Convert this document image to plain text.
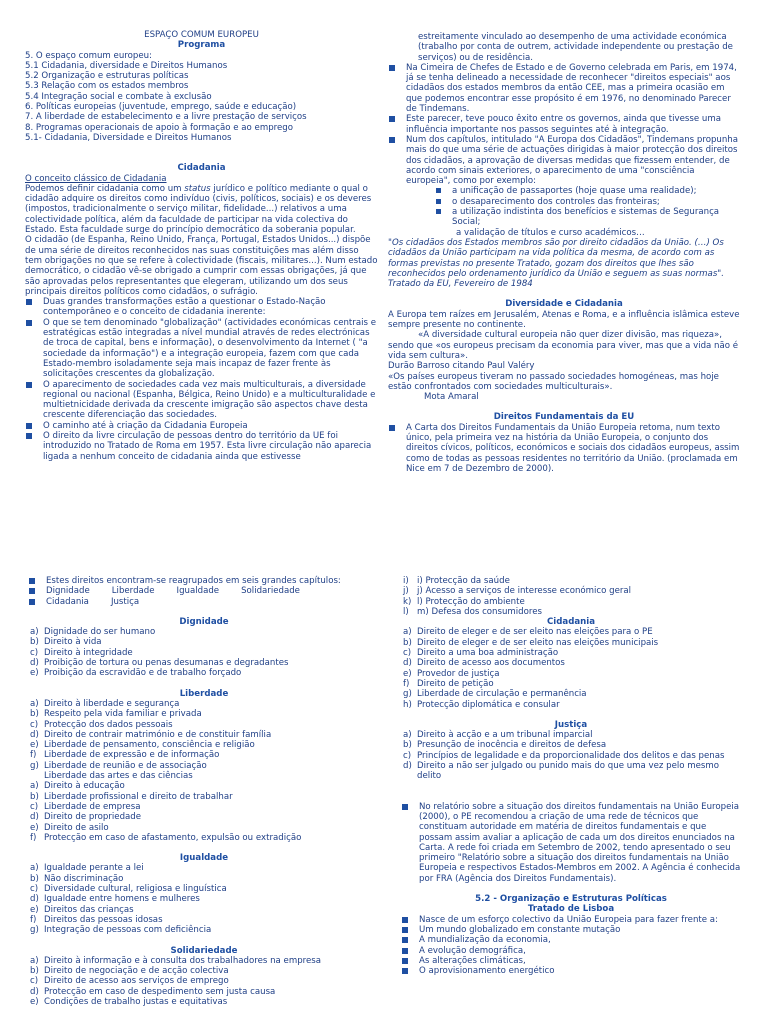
ESPAÇO COMUM EUROPEU

Programa

5. O espaço comum europeu:

5.1 Cidadania, diversidade e Direitos Humanos

5.2 Organização e estruturas políticas

5.3 Relação com os estados membros

5.4 Integração social e combate à exclusão

6. Políticas europeias (juventude, emprego, saúde e educação)

7. A liberdade de estabelecimento e a livre prestação de serviços

8. Programas operacionais de apoio à formação e ao emprego

5.1- Cidadania, Diversidade e Direitos Humanos

Cidadania

O conceito clássico de Cidadania

Podemos definir cidadania como um status jurídico e político mediante o qual o cidadão adquire os direitos como indivíduo (civis, políticos, sociais) e os deveres (impostos, tradicionalmente o serviço militar, fidelidade...) relativos a uma colectividade política, além da faculdade de participar na vida colectiva do Estado. Esta faculdade surge do princípio democrático da soberania popular.

O cidadão (de Espanha, Reino Unido, França, Portugal, Estados Unidos...) dispõe de uma série de direitos reconhecidos nas suas constituições mas além disso tem obrigações no que se refere à colectividade (fiscais, militares...). Num estado democrático, o cidadão vê-se obrigado a cumprir com essas obrigações, já que são aprovadas pelos representantes que elegeram, utilizando um dos seus principais direitos políticos como cidadãos, o sufrágio.

Duas grandes transformações estão a questionar o Estado-Nação contemporâneo e o conceito de cidadania inerente:
O que se tem denominado "globalização" (actividades económicas centrais e estratégicas estão integradas a nível mundial através de redes electrónicas de troca de capital, bens e informação), o desenvolvimento da Internet ( "a sociedade da informação") e a integração europeia, fazem com que cada Estado-membro isoladamente seja mais incapaz de fazer frente às solicitações crescentes da globalização.
O aparecimento de sociedades cada vez mais multiculturais, a diversidade regional ou nacional (Espanha, Bélgica, Reino Unido) e a multiculturalidade e multietnicidade derivada da crescente imigração são aspectos chave desta crescente diferenciação das sociedades.
O caminho até à criação da Cidadania Europeia
O direito da livre circulação de pessoas dentro do território da UE foi introduzido no Tratado de Roma em 1957. Esta livre circulação não aparecia ligada a nenhum conceito de cidadania ainda que estivesse

estreitamente vinculado ao desempenho de uma actividade económica (trabalho por conta de outrem, actividade independente ou prestação de serviços) ou de residência.

Na Cimeira de Chefes de Estado e de Governo celebrada em Paris, em 1974, já se tenha delineado a necessidade de reconhecer "direitos especiais" aos cidadãos dos estados membros da então CEE, mas a primeira ocasião em que podemos encontrar esse propósito é em 1976, no denominado Parecer de Tindemans.
Este parecer, teve pouco êxito entre os governos, ainda que tivesse uma influência importante nos passos seguintes até à integração.
Num dos capítulos, intitulado "A Europa dos Cidadãos", Tindemans propunha mais do que uma série de actuações dirigidas à maior protecção dos direitos dos cidadãos, a aprovação de diversas medidas que fizessem entender, de acordo com sinais exteriores, o aparecimento de uma "consciência europeia", como por exemplo:
a unificação de passaportes (hoje quase uma realidade);
o desaparecimento dos controles das fronteiras;
a utilização indistinta dos benefícios e sistemas de Segurança Social;

a validação de títulos e curso académicos…

"Os cidadãos dos Estados membros são por direito cidadãos da União. (…) Os cidadãos da União participam na vida política da mesma, de acordo com as formas previstas no presente Tratado, gozam dos direitos que lhes são reconhecidos pelo ordenamento jurídico da União e seguem as suas normas".

Tratado da EU, Fevereiro de 1984

Diversidade e Cidadania

A Europa tem raízes em Jerusalém, Atenas e Roma, e a influência islâmica esteve sempre presente no continente.

«A diversidade cultural europeia não quer dizer divisão, mas riqueza», sendo que «os europeus precisam da economia para viver, mas que a vida não é vida sem cultura».

Durão Barroso citando Paul Valéry

«Os países europeus tiveram no passado sociedades homogéneas, mas hoje estão confrontados com sociedades multiculturais».

Mota Amaral

Direitos Fundamentais da EU

A Carta dos Direitos Fundamentais da União Europeia retoma, num texto único, pela primeira vez na história da União Europeia, o conjunto dos direitos cívicos, políticos, económicos e sociais dos cidadãos europeus, assim como de todas as pessoas residentes no território da União. (proclamada em Nice em 7 de Dezembro de 2000).
Estes direitos encontram-se reagrupados em seis grandes capítulos:
Dignidade	Liberdade	Igualdade	Solidariedade
Cidadania	Justiça

Dignidade

a) Dignidade do ser humano
b) Direito à vida
c) Direito à integridade
d) Proibição de tortura ou penas desumanas e degradantes
e) Proibição da escravidão e de trabalho forçado

Liberdade

a) Direito à liberdade e segurança
b) Respeito pela vida familiar e privada
c) Protecção dos dados pessoais
d) Direito de contrair matrimónio e de constituir família
e) Liberdade de pensamento, consciência e religião
f) Liberdade de expressão e de informação
g) Liberdade de reunião e de associação
Liberdade das artes e das ciências
a) Direito à educação
b) Liberdade profissional e direito de trabalhar
c) Liberdade de empresa
d) Direito de propriedade
e) Direito de asilo
f) Protecção em caso de afastamento, expulsão ou extradição

Igualdade

a) Igualdade perante a lei
b) Não discriminação
c) Diversidade cultural, religiosa e linguística
d) Igualdade entre homens e mulheres
e) Direitos das crianças
f) Direitos das pessoas idosas
g) Integração de pessoas com deficiência

Solidariedade

a) Direito à informação e à consulta dos trabalhadores na empresa
b) Direito de negociação e de acção colectiva
c) Direito de acesso aos serviços de emprego
d) Protecção em caso de despedimento sem justa causa
e) Condições de trabalho justas e equitativas
i) i) Protecção da saúde
j) j) Acesso a serviços de interesse económico geral
k) l) Protecção do ambiente
l) m) Defesa dos consumidores

Cidadania

a) Direito de eleger e de ser eleito nas eleições para o PE
b) Direito de eleger e de ser eleito nas eleições municipais
c) Direito a uma boa administração
d) Direito de acesso aos documentos
e) Provedor de justiça
f) Direito de petição
g) Liberdade de circulação e permanência
h) Protecção diplomática e consular

Justiça

a) Direito à acção e a um tribunal imparcial
b) Presunção de inocência e direitos de defesa
c) Princípios de legalidade e da proporcionalidade dos delitos e das penas
d) Direito a não ser julgado ou punido mais do que uma vez pelo mesmo delito
No relatório sobre a situação dos direitos fundamentais na União Europeia (2000), o PE recomendou a criação de uma rede de técnicos que constituam autoridade em matéria de direitos fundamentais e que possam assim avaliar a aplicação de cada um dos direitos enunciados na Carta. A rede foi criada em Setembro de 2002, tendo apresentado o seu primeiro "Relatório sobre a situação dos direitos fundamentais na União Europeia e respectivos Estados-Membros em 2002. A Agência é conhecida por FRA (Agência dos Direitos Fundamentais).

5.2 - Organização e Estruturas Políticas

Tratado de Lisboa

Nasce de um esforço colectivo da União Europeia para fazer frente a:
Um mundo globalizado em constante mutação
A mundialização da economia,
A evolução demográfica,
As alterações climáticas,
O aprovisionamento energético
